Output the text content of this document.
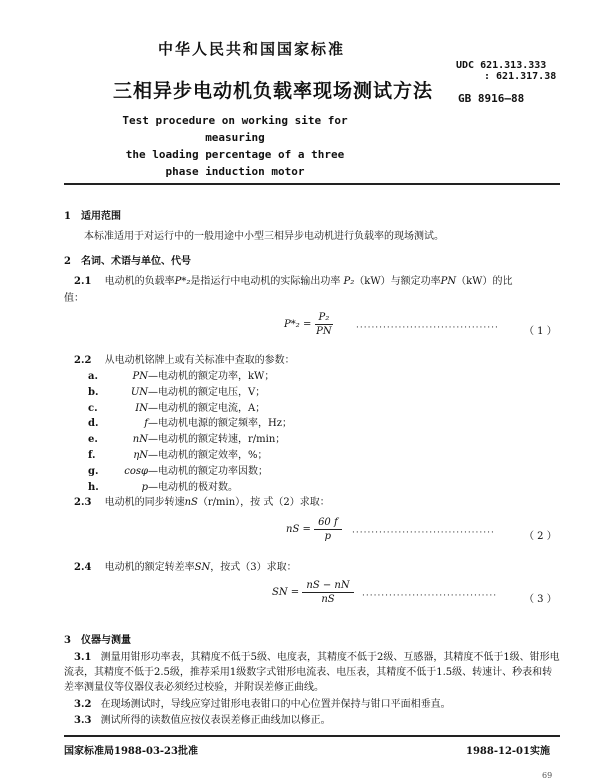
中华人民共和国国家标准
三相异步电动机负载率现场测试方法
UDC 621.313.333
: 621.317.38
GB 8916—88
Test procedure on working site for measuring
the loading percentage of a three
phase induction motor
1　适用范围
本标准适用于对运行中的一般用途中小型三相异步电动机进行负载率的现场测试。
2　名词、术语与单位、代号
2.1 电动机的负载率P*₂是指运行中电动机的实际输出功率 P₂（kW）与额定功率PN（kW）的比
值：
$P*_2 = \frac{\text{P₂}}{PN}$	·····································	（ 1 ）
2.2 从电动机铭牌上或有关标准中查取的参数：
a.	PN—电动机的额定功率，kW；
b.	UN—电动机的额定电压，V；
c.	IN—电动机的额定电流，A；
d.	f—电动机电源的额定频率，Hz；
e.	nN—电动机的额定转速，r/min；
f.	ηN—电动机的额定效率，%；
g.	cosφ—电动机的额定功率因数；
h.	p—电动机的极对数。
2.3 电动机的同步转速nS（r/min），按 式（2）求取：
nS = $\frac{60 f}{p}$ ·····································	（ 2 ）
2.4 电动机的额定转差率SN，按式（3）求取：
SN = $\frac{nS - nN}{nS}$ ···································	（ 3 ）
3　仪器与测量
3.1 测量用钳形功率表，其精度不低于5级、电度表，其精度不低于2级、互感器，其精度不低于1级、钳形电流表，其精度不低于2.5级，推荐采用1级数字式钳形电流表、电压表，其精度不低于1.5级、转速计、秒表和转差率测量仪等仪器仪表必须经过校验，并附误差修正曲线。
3.2 在现场测试时，导线应穿过钳形电表钳口的中心位置并保持与钳口平面相垂直。
3.3 测试所得的读数值应按仪表误差修正曲线加以修正。
国家标准局1988-03-23批准	1988-12-01实施
69
